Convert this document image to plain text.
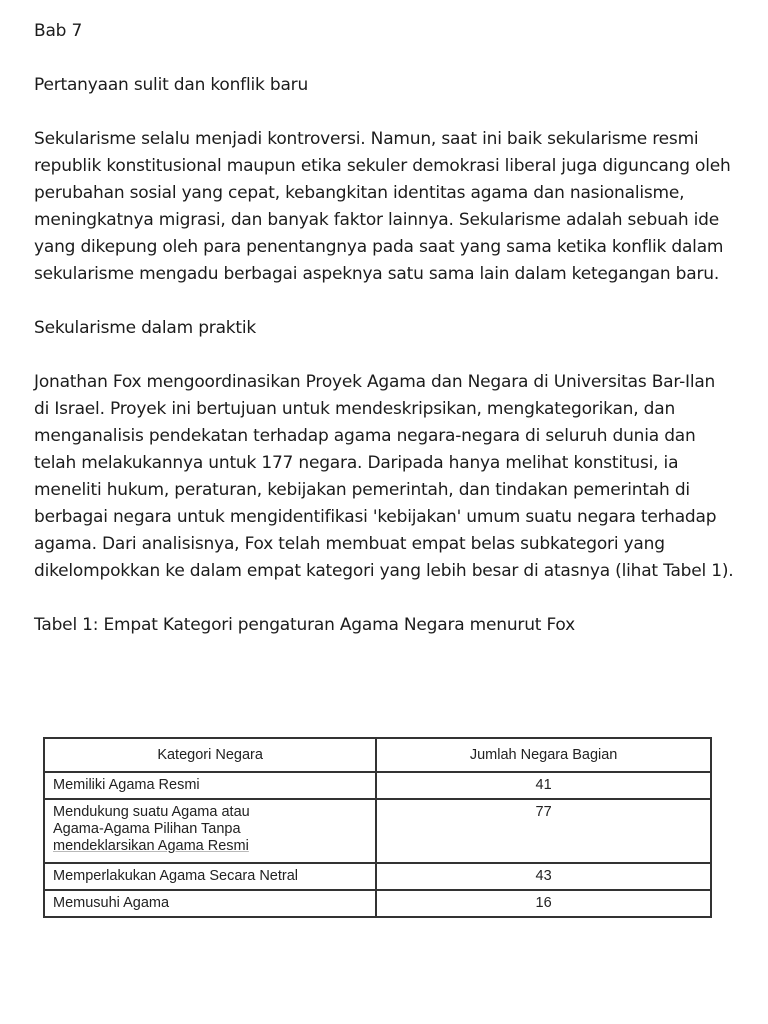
Bab 7

Pertanyaan sulit dan konflik baru

Sekularisme selalu menjadi kontroversi. Namun, saat ini baik sekularisme resmi republik konstitusional maupun etika sekuler demokrasi liberal juga diguncang oleh perubahan sosial yang cepat, kebangkitan identitas agama dan nasionalisme, meningkatnya migrasi, dan banyak faktor lainnya. Sekularisme adalah sebuah ide yang dikepung oleh para penentangnya pada saat yang sama ketika konflik dalam sekularisme mengadu berbagai aspeknya satu sama lain dalam ketegangan baru.

Sekularisme dalam praktik

Jonathan Fox mengoordinasikan Proyek Agama dan Negara di Universitas Bar-Ilan di Israel. Proyek ini bertujuan untuk mendeskripsikan, mengkategorikan, dan menganalisis pendekatan terhadap agama negara-negara di seluruh dunia dan telah melakukannya untuk 177 negara. Daripada hanya melihat konstitusi, ia meneliti hukum, peraturan, kebijakan pemerintah, dan tindakan pemerintah di berbagai negara untuk mengidentifikasi 'kebijakan' umum suatu negara terhadap agama. Dari analisisnya, Fox telah membuat empat belas subkategori yang dikelompokkan ke dalam empat kategori yang lebih besar di atasnya (lihat Tabel 1).

Tabel 1: Empat Kategori pengaturan Agama Negara menurut Fox

Kategori Negara	Jumlah Negara Bagian
Memiliki Agama Resmi	41

Mendukung suatu Agama atau
Agama-Agama Pilihan Tanpa
mendeklarsikan Agama Resmi	77
Memperlakukan Agama Secara Netral	43
Memusuhi Agama	16
